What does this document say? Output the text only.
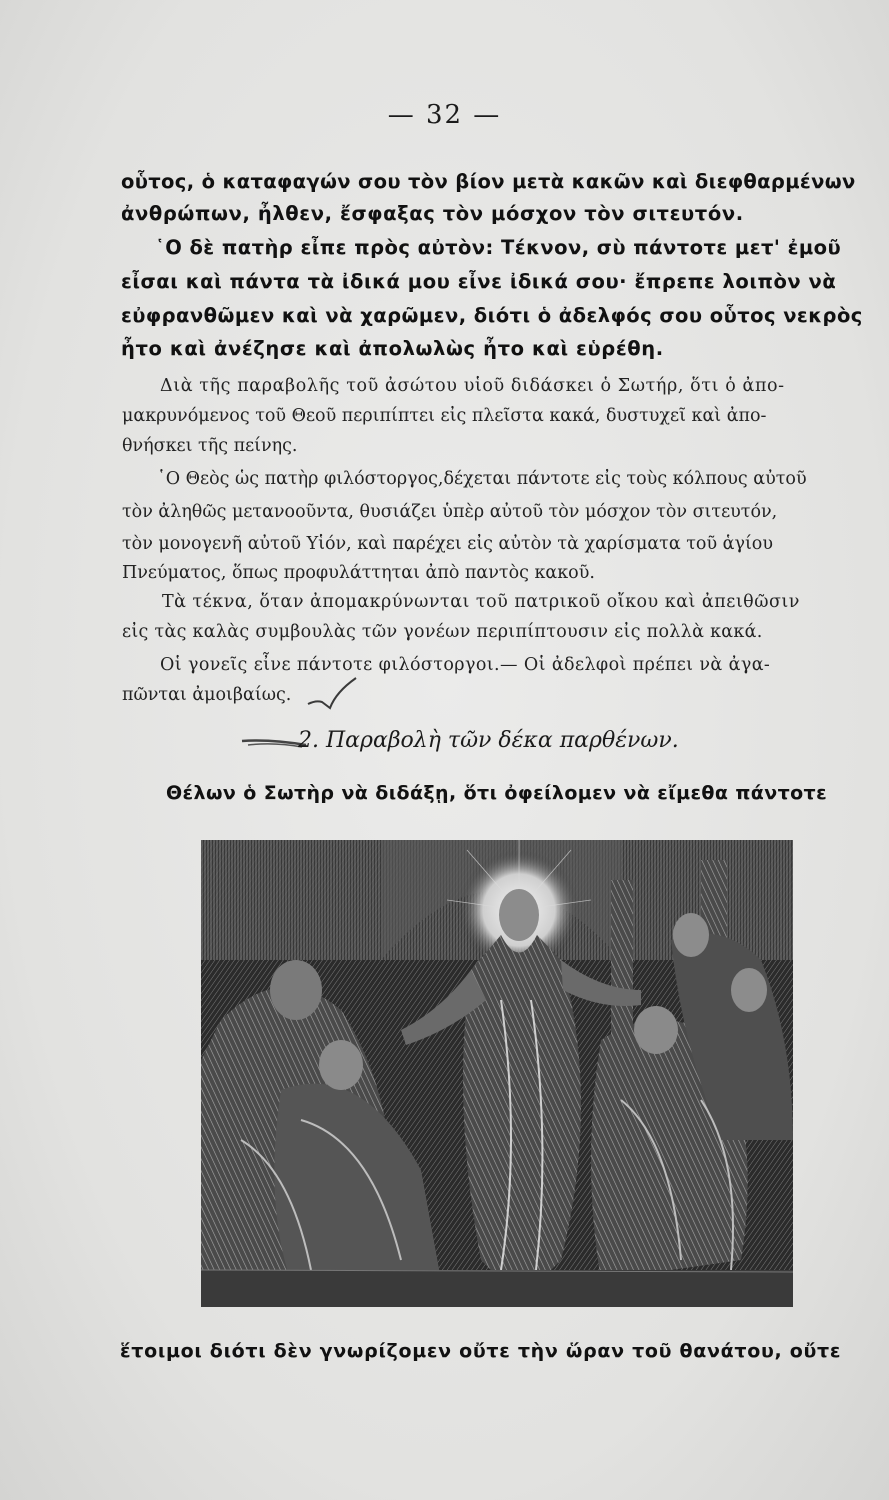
— 32 —

οὗτος, ὁ καταφαγών σου τὸν βίον μετὰ κακῶν καὶ διεφθαρμένων

ἀνθρώπων, ἦλθεν, ἔσφαξας τὸν μόσχον τὸν σιτευτόν.

῾Ο δὲ πατὴρ εἶπε πρὸς αὐτὸν: Τέκνον, σὺ πάντοτε μετ' ἐμοῦ

εἶσαι καὶ πάντα τὰ ἰδικά μου εἶνε ἰδικά σου· ἔπρεπε λοιπὸν νὰ

εὐφρανθῶμεν καὶ νὰ χαρῶμεν, διότι ὁ ἀδελφός σου οὗτος νεκρὸς

ἦτο καὶ ἀνέζησε καὶ ἀπολωλὼς ἦτο καὶ εὑρέθη.

Διὰ τῆς παραβολῆς τοῦ ἀσώτου υἱοῦ διδάσκει ὁ Σωτήρ, ὅτι ὁ ἀπο-

μακρυνόμενος τοῦ Θεοῦ περιπίπτει εἰς πλεῖστα κακά, δυστυχεῖ καὶ ἀπο-

θνήσκει τῆς πείνης.

῾Ο Θεὸς ὡς πατὴρ φιλόστοργος,δέχεται πάντοτε εἰς τοὺς κόλπους αὐτοῦ

τὸν ἀληθῶς μετανοοῦντα, θυσιάζει ὑπὲρ αὐτοῦ τὸν μόσχον τὸν σιτευτόν,

τὸν μονογενῆ αὐτοῦ Υἱόν, καὶ παρέχει εἰς αὐτὸν τὰ χαρίσματα τοῦ ἁγίου

Πνεύματος, ὅπως προφυλάττηται ἀπὸ παντὸς κακοῦ.

Τὰ τέκνα, ὅταν ἀπομακρύνωνται τοῦ πατρικοῦ οἴκου καὶ ἀπειθῶσιν

εἰς τὰς καλὰς συμβουλὰς τῶν γονέων περιπίπτουσιν εἰς πολλὰ κακά.

Οἱ γονεῖς εἶνε πάντοτε φιλόστοργοι.— Οἱ ἀδελφοὶ πρέπει νὰ ἀγα-

πῶνται ἀμοιβαίως.

2. Παραβολὴ τῶν δέκα παρθένων.

Θέλων ὁ Σωτὴρ νὰ διδάξῃ, ὅτι ὀφείλομεν νὰ εἴμεθα πάντοτε

ἕτοιμοι διότι δὲν γνωρίζομεν οὔτε τὴν ὥραν τοῦ θανάτου, οὔτε
